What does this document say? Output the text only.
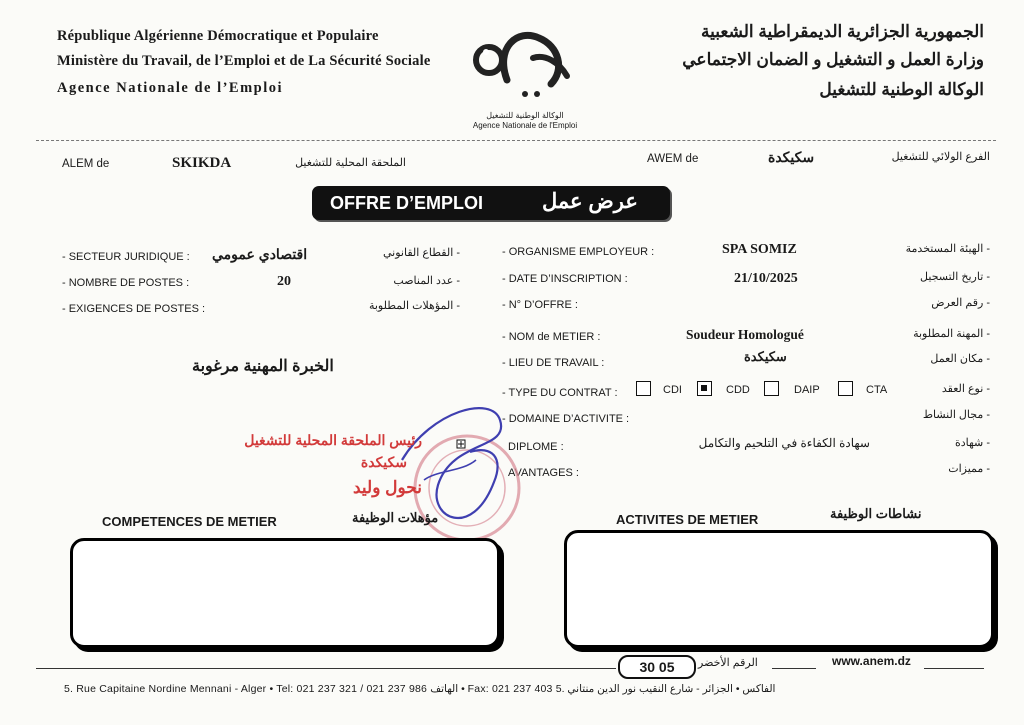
République Algérienne Démocratique et Populaire
Ministère du Travail, de l’Emploi et de La Sécurité Sociale
Agence Nationale de l’Emploi
الجمهورية الجزائرية الديمقراطية الشعبية
وزارة العمل و التشغيل و الضمان الاجتماعي
الوكالة الوطنية للتشغيل
الوكالة الوطنية للتشغيل
Agence Nationale de l'Emploi
ALEM de	SKIKDA	الملحقة المحلية للتشغيل	AWEM de	سكيكدة	الفرع الولائي للتشغيل
OFFRE D’EMPLOI	عرض عمل
- SECTEUR JURIDIQUE : اقتصادي عمومي	- القطاع القانوني
- NOMBRE DE POSTES :	20	- عدد المناصب
- EXIGENCES DE POSTES :	- المؤهلات المطلوبة
الخبرة المهنية مرغوبة
- ORGANISME EMPLOYEUR :	SPA SOMIZ	- الهيئة المستخدمة
- DATE D’INSCRIPTION :	21/10/2025	- تاريخ التسجيل
- N° D’OFFRE :	- رقم العرض
- NOM de METIER :	Soudeur Homologué	- المهنة المطلوبة
- LIEU DE TRAVAIL :	سكيكدة	- مكان العمل
- TYPE DU CONTRAT :	CDI	CDD	DAIP	CTA	- نوع العقد
- DOMAINE D’ACTIVITE :	- مجال النشاط
DIPLOME :	سهادة الكفاءة في التلحيم والتكامل	- شهادة
AVANTAGES :	- مميزات
رئيس الملحقة المحلية للتشغيل
سكيكدة
نحول وليد
COMPETENCES DE METIER	مؤهلات الوظيفة	ACTIVITES DE METIER	نشاطات الوظيفة
30 05	الرقم الأخضر	www.anem.dz
5. Rue Capitaine Nordine Mennani - Alger • Tel: 021 237 321 / 021 237 986 الهاتف • Fax: 021 237 403 الفاكس • الجزائر - شارع النقيب نور الدين منتاني .5
